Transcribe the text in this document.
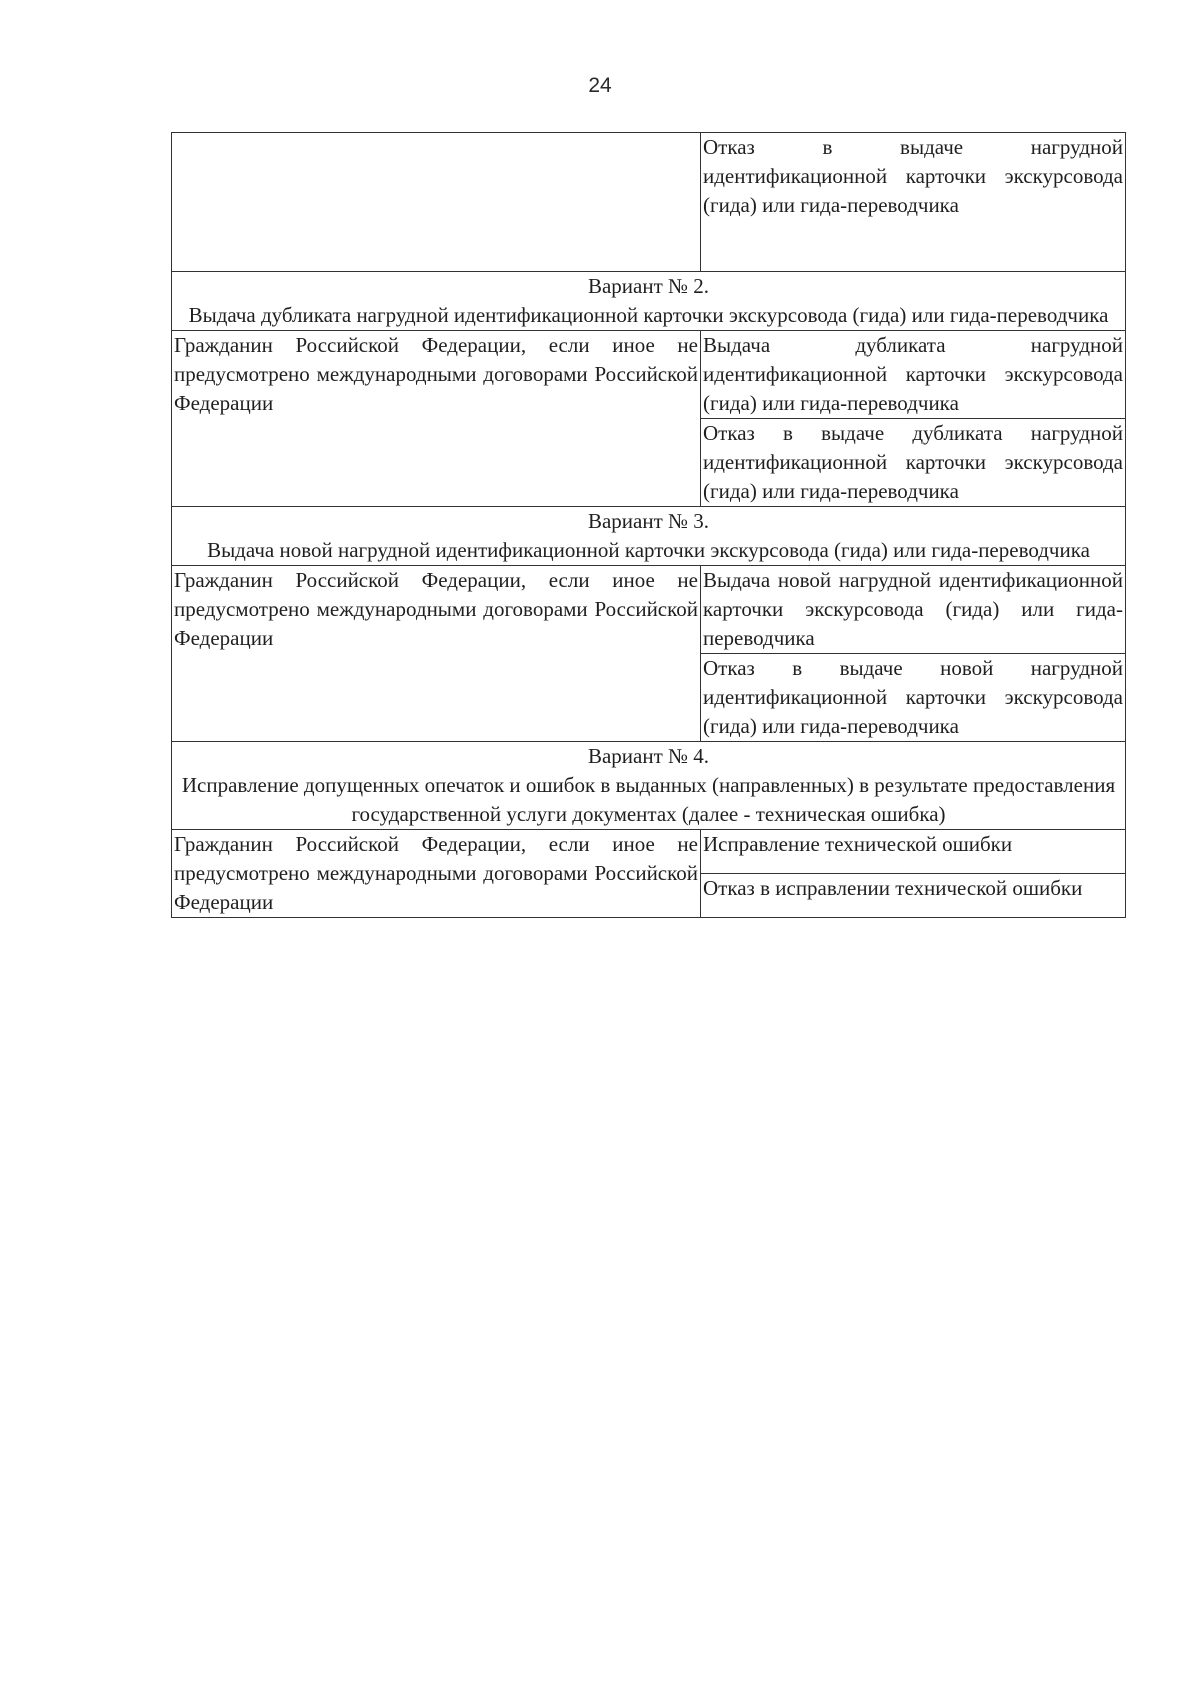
24
	Отказ в выдаче нагрудной идентификационной карточки экскурсовода (гида) или гида-переводчика

Вариант № 2.
Выдача дубликата нагрудной идентификационной карточки экскурсовода (гида) или гида-переводчика	

Гражданин Российской Федерации, если иное не предусмотрено международными договорами Российской Федерации	Выдача дубликата нагрудной идентификационной карточки экскурсовода (гида) или гида-переводчика
	Отказ в выдаче дубликата нагрудной идентификационной карточки экскурсовода (гида) или гида-переводчика

Вариант № 3.
Выдача новой нагрудной идентификационной карточки экскурсовода (гида) или гида-переводчика	

Гражданин Российской Федерации, если иное не предусмотрено международными договорами Российской Федерации	Выдача новой нагрудной идентификационной карточки экскурсовода (гида) или гида-переводчика
	Отказ в выдаче новой нагрудной идентификационной карточки экскурсовода (гида) или гида-переводчика

Вариант № 4.
Исправление допущенных опечаток и ошибок в выданных (направленных) в результате предоставления государственной услуги документах (далее - техническая ошибка)	

Гражданин Российской Федерации, если иное не предусмотрено международными договорами Российской Федерации	Исправление технической ошибки
	Отказ в исправлении технической ошибки
